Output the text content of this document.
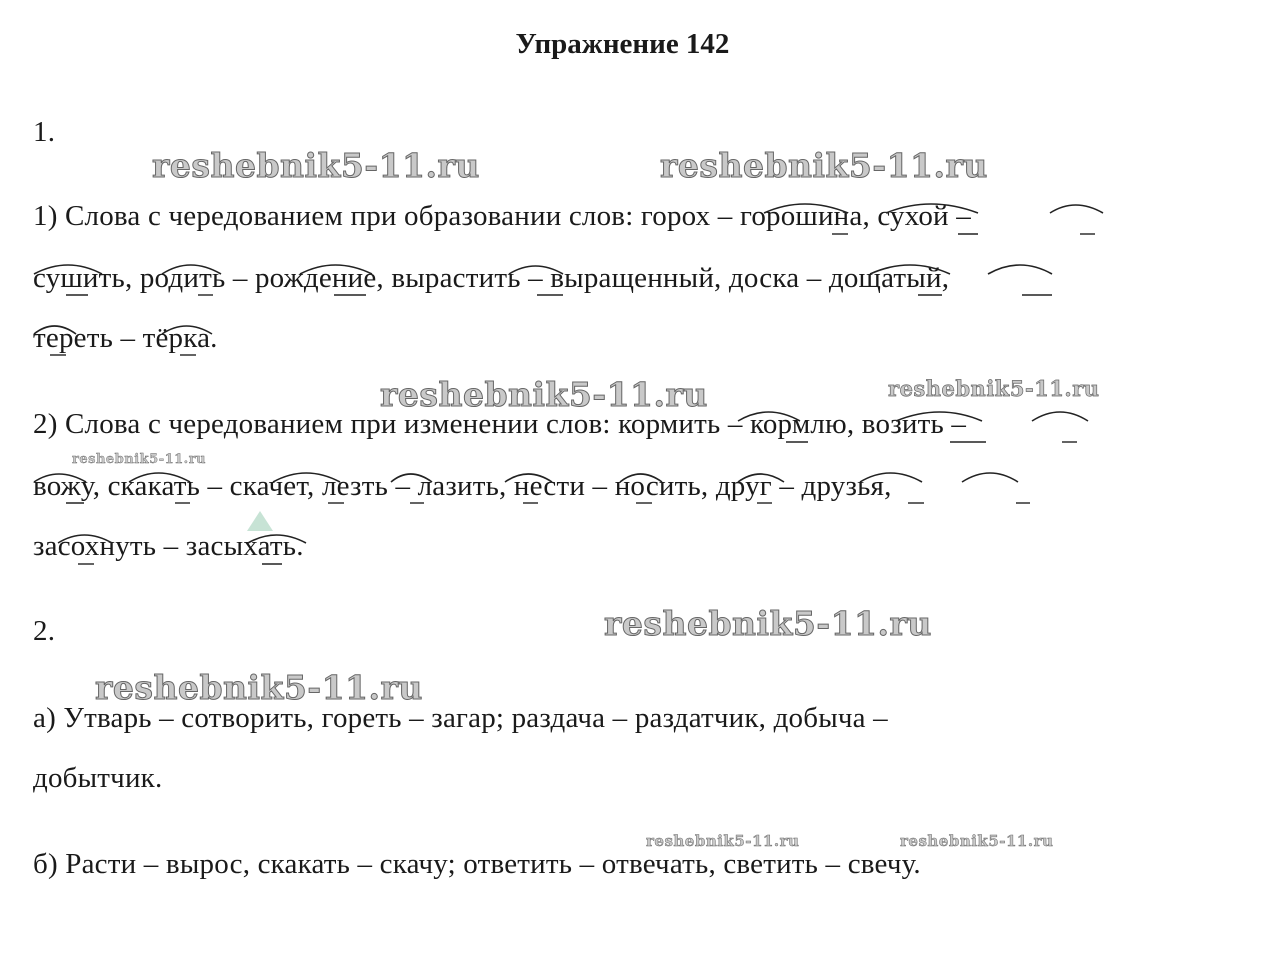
Упражнение 142
reshebnik5-11.ru	reshebnik5-11.ru
reshebnik5-11.ru	reshebnik5-11.ru
reshebnik5-11.ru
reshebnik5-11.ru
reshebnik5-11.ru
reshebnik5-11.ru	reshebnik5-11.ru
1.
1) Слова с чередованием при образовании слов: горох – горошина, сухой –
сушить, родить – рождение, вырастить – выращенный, доска – дощатый,
тереть – тёрка.
2) Слова с чередованием при изменении слов: кормить – кормлю, возить –
вожу, скакать – скачет, лезть – лазить, нести – носить, друг – друзья,
засохнуть – засыхать.
2.
а) Утварь – сотворить, гореть – загар; раздача – раздатчик, добыча –
добытчик.
б) Расти – вырос, скакать – скачу; ответить – отвечать, светить – свечу.
